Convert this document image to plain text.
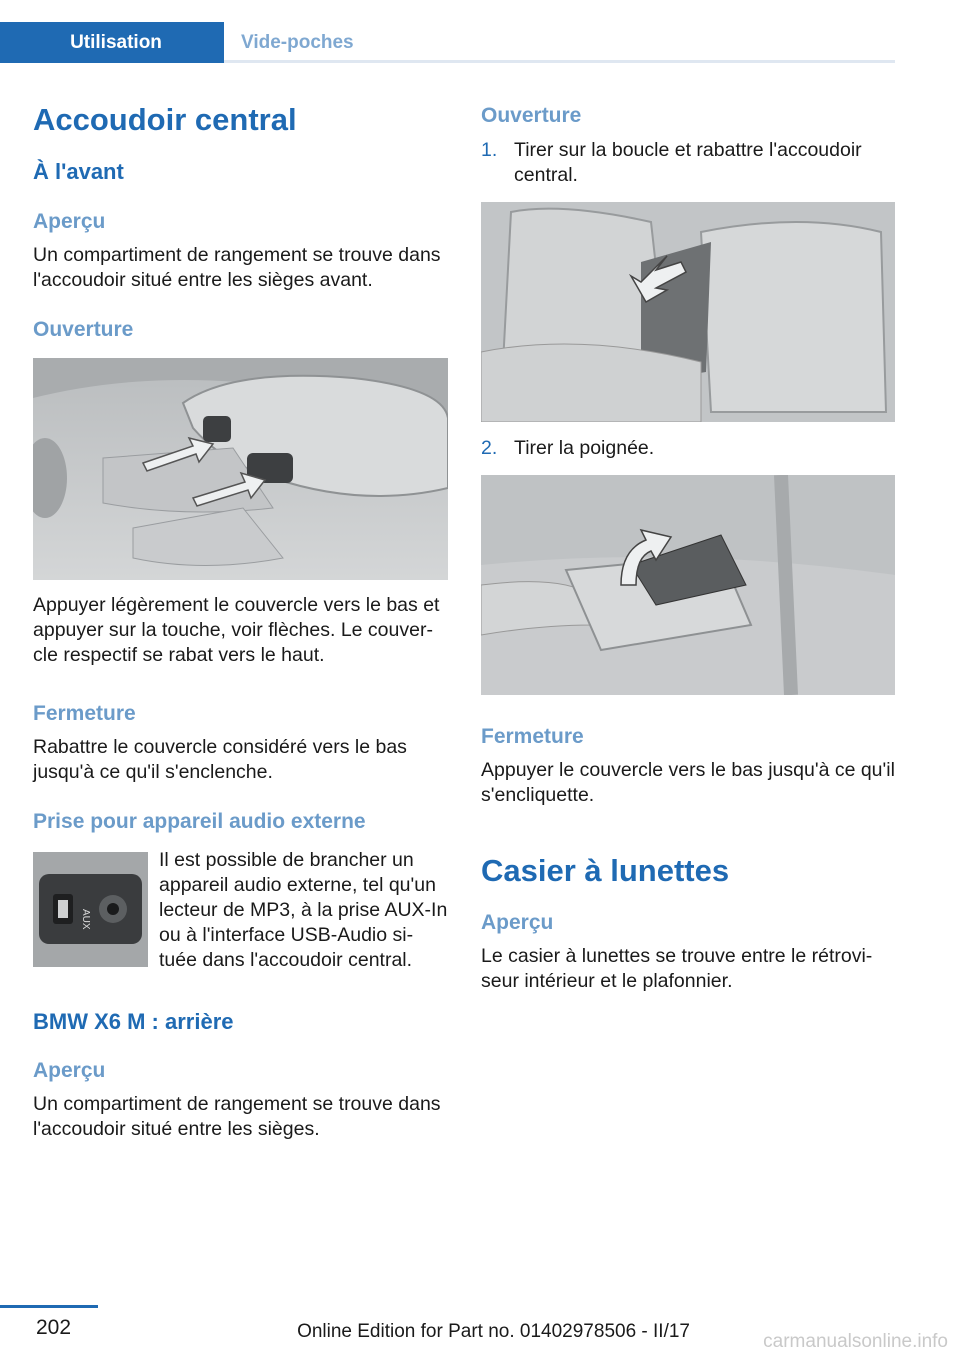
Utilisation	Vide-poches
Accoudoir central
À l'avant
Aperçu

Un compartiment de rangement se trouve dans l'accoudoir situé entre les sièges avant.

Ouverture

Appuyer légèrement le couvercle vers le bas et appuyer sur la touche, voir flèches. Le couver‐cle respectif se rabat vers le haut.

Fermeture

Rabattre le couvercle considéré vers le bas jusqu'à ce qu'il s'enclenche.

Prise pour appareil audio externe
AUX

Il est possible de brancher un appareil audio externe, tel qu'un lecteur de MP3, à la prise AUX-In ou à l'interface USB-Audio si‐tuée dans l'accoudoir central.

BMW X6 M : arrière
Aperçu

Un compartiment de rangement se trouve dans l'accoudoir situé entre les sièges.

Ouverture
1. Tirer sur la boucle et rabattre l'accoudoir central.

2. Tirer la poignée.

Fermeture

Appuyer le couvercle vers le bas jusqu'à ce qu'il s'encliquette.

Casier à lunettes
Aperçu

Le casier à lunettes se trouve entre le rétrovi‐seur intérieur et le plafonnier.

202	Online Edition for Part no. 01402978506 - II/17	carmanualsonline.info
